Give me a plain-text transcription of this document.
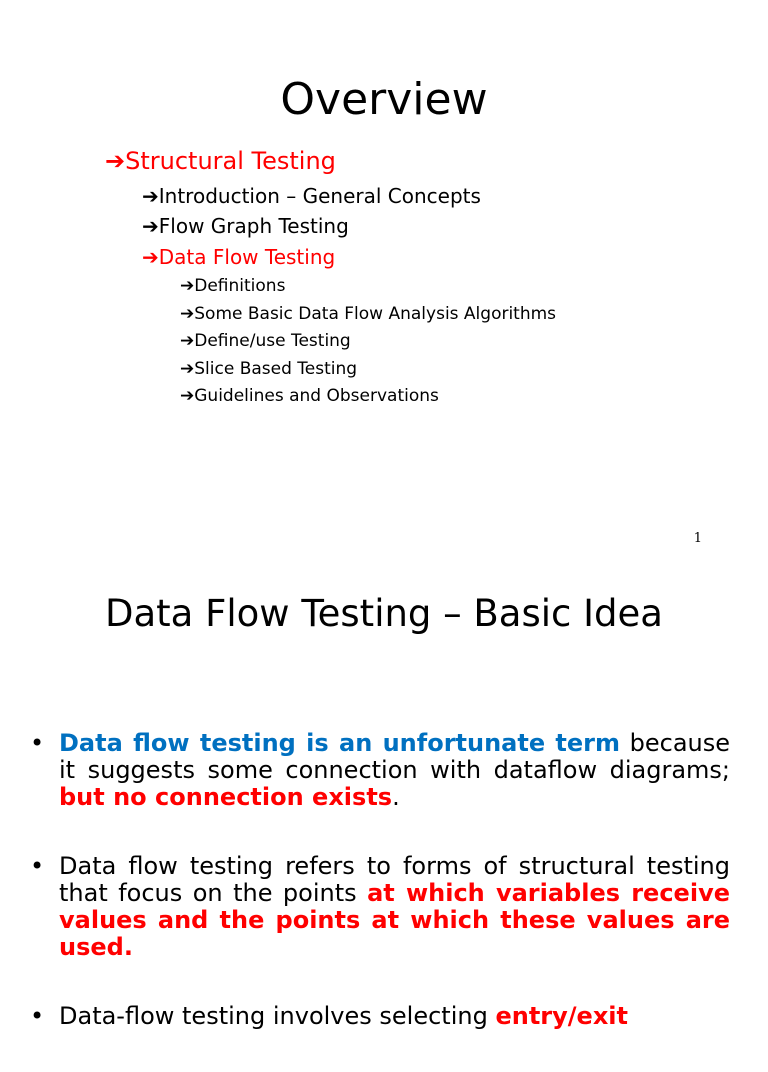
Overview
➔ Structural Testing
➔ Introduction – General Concepts
➔ Flow Graph Testing
➔ Data Flow Testing
➔ Definitions
➔ Some Basic Data Flow Analysis Algorithms
➔ Define/use Testing
➔ Slice Based Testing
➔ Guidelines and Observations
1
Data Flow Testing – Basic Idea
• Data flow testing is an unfortunate term because it suggests some connection with dataflow diagrams; but no connection exists.
• Data flow testing refers to forms of structural testing that focus on the points at which variables receive values and the points at which these values are used.
• Data-flow testing involves selecting entry/exit
